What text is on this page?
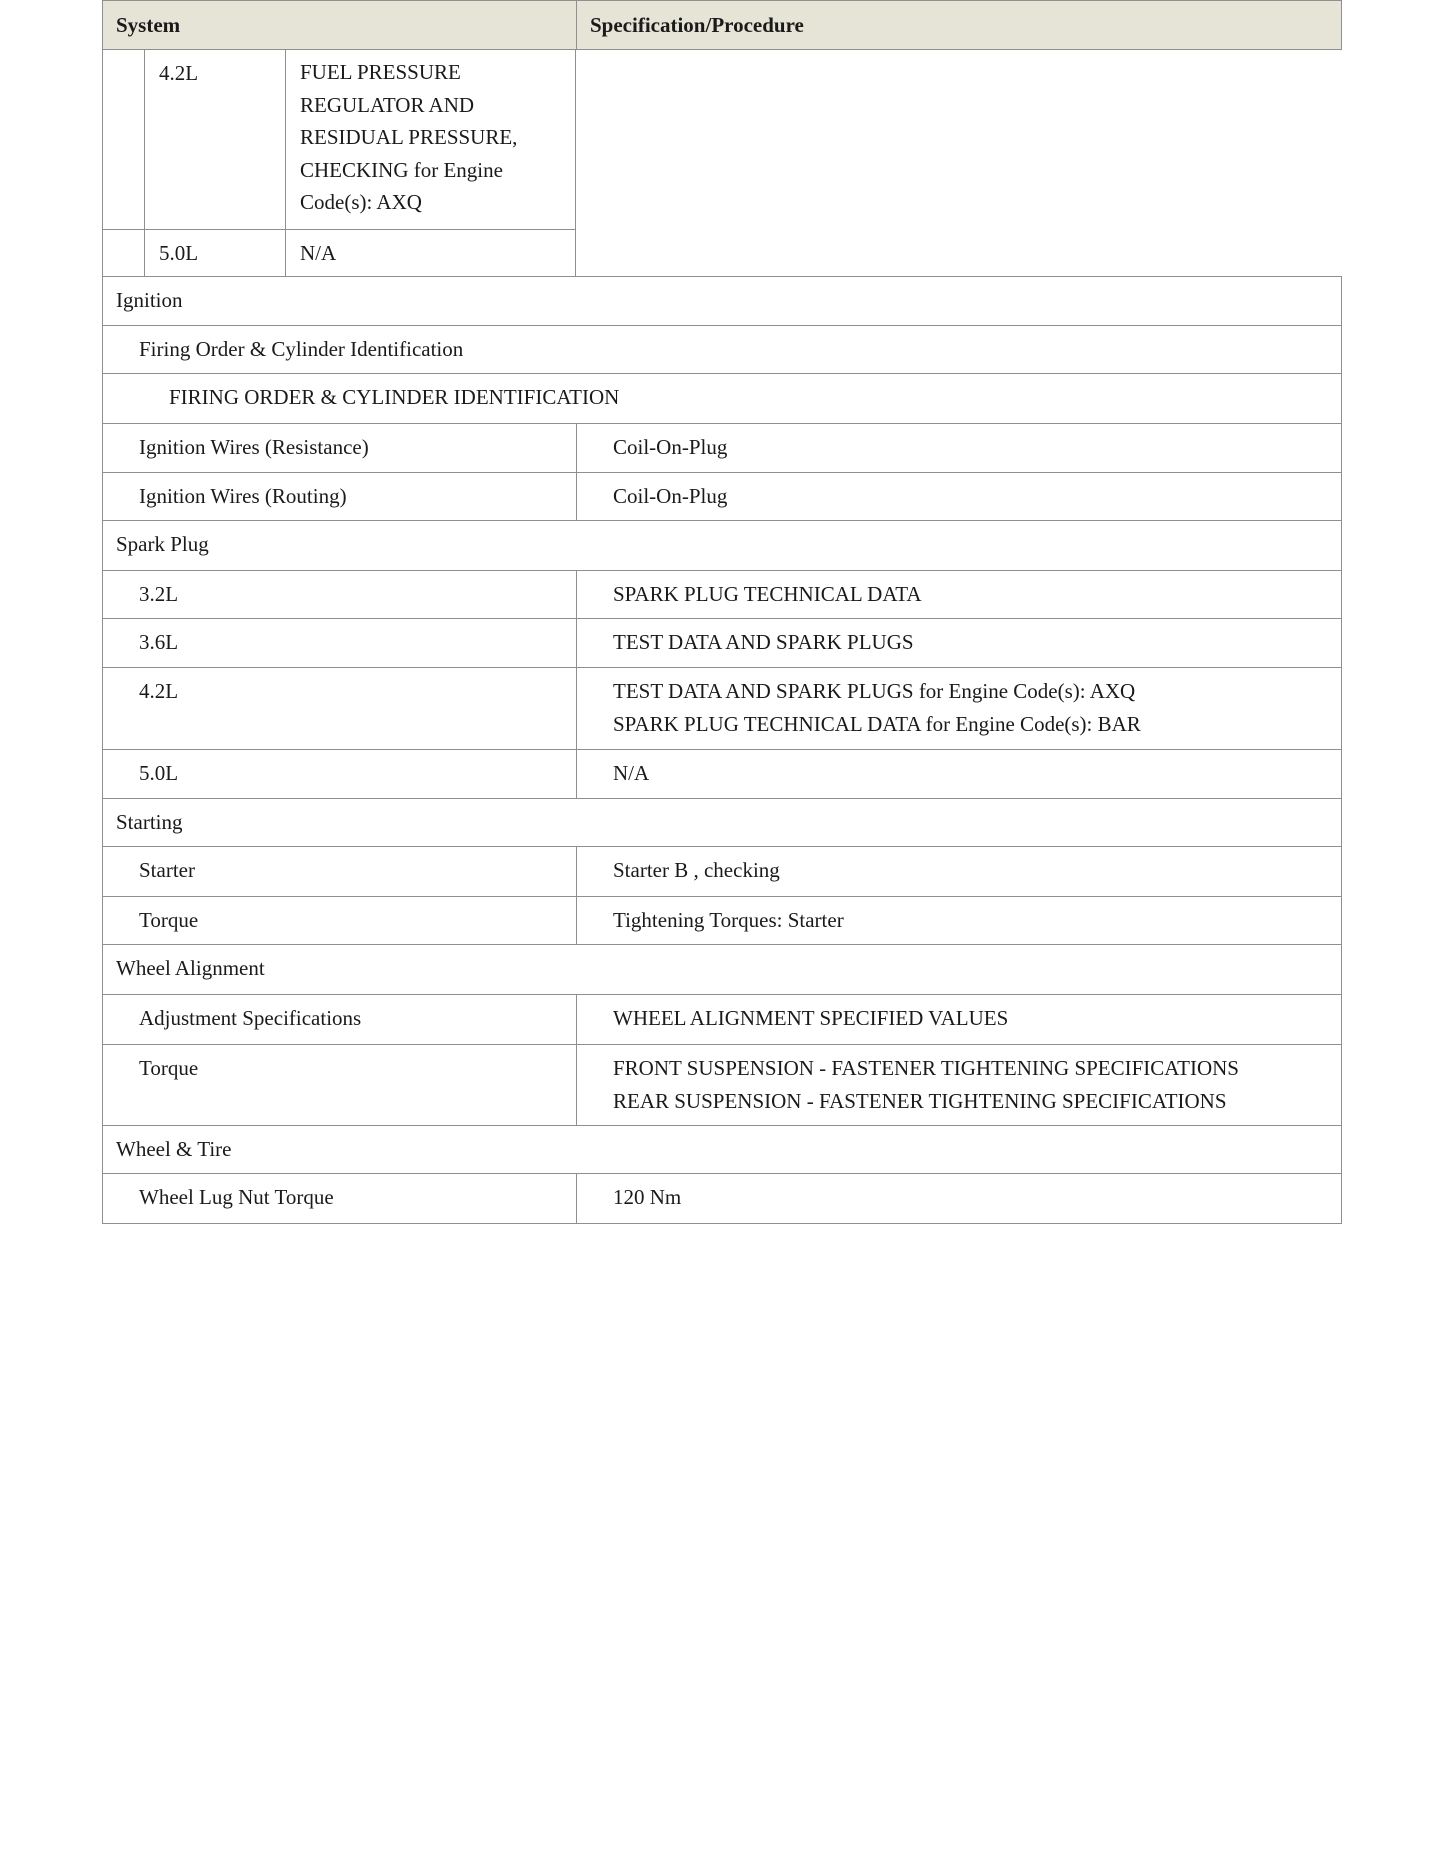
System	Specification/Procedure
4.2L	FUEL PRESSURE
REGULATOR AND
RESIDUAL PRESSURE,
CHECKING for Engine
Code(s): AXQ
5.0L	N/A
Ignition
Firing Order & Cylinder Identification
FIRING ORDER & CYLINDER IDENTIFICATION
Ignition Wires (Resistance)	Coil-On-Plug
Ignition Wires (Routing)	Coil-On-Plug
Spark Plug
3.2L	SPARK PLUG TECHNICAL DATA
3.6L	TEST DATA AND SPARK PLUGS
4.2L	TEST DATA AND SPARK PLUGS for Engine Code(s): AXQ
SPARK PLUG TECHNICAL DATA for Engine Code(s): BAR
5.0L	N/A
Starting
Starter	Starter B , checking
Torque	Tightening Torques: Starter
Wheel Alignment
Adjustment Specifications	WHEEL ALIGNMENT SPECIFIED VALUES
Torque	FRONT SUSPENSION - FASTENER TIGHTENING SPECIFICATIONS
REAR SUSPENSION - FASTENER TIGHTENING SPECIFICATIONS
Wheel & Tire
Wheel Lug Nut Torque	120 Nm
